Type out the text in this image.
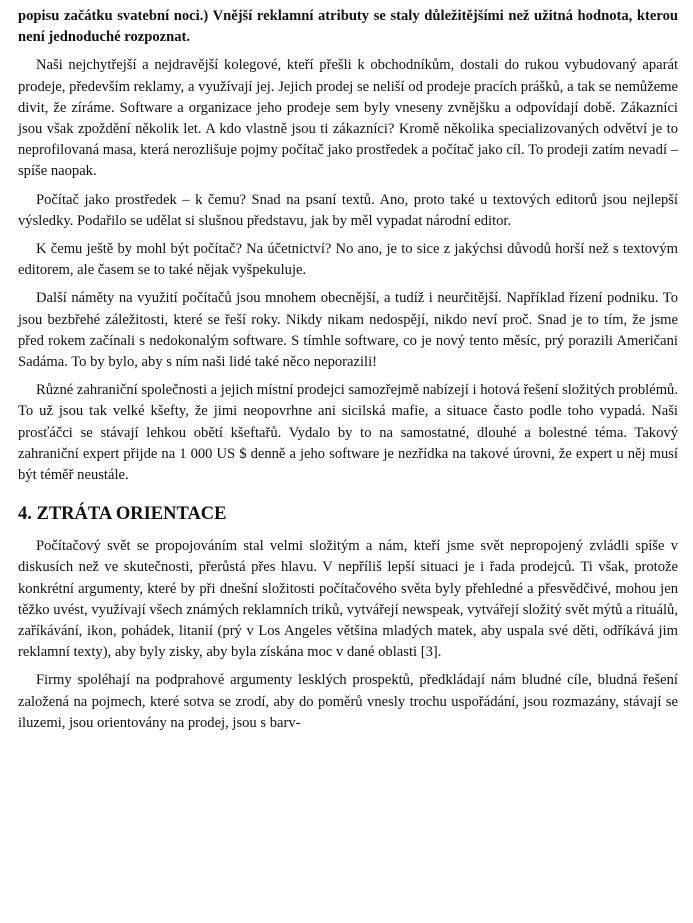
popisu začátku svatební noci.) Vnější reklamní atributy se staly důležitějšími než užitná hodnota, kterou není jednoduché rozpoznat.

Naši nejchytřejší a nejdravější kolegové, kteří přešli k obchodníkům, dostali do rukou vybudovaný aparát prodeje, především reklamy, a využívají jej. Jejich prodej se neliší od prodeje pracích prášků, a tak se nemůžeme divit, že zíráme. Software a organizace jeho prodeje sem byly vneseny zvnějšku a odpovídají době. Zákazníci jsou však zpoždění několik let. A kdo vlastně jsou ti zákazníci? Kromě několika specializovaných odvětví je to neprofilovaná masa, která nerozlišuje pojmy počítač jako prostředek a počítač jako cíl. To prodeji zatím nevadí – spíše naopak.

Počítač jako prostředek – k čemu? Snad na psaní textů. Ano, proto také u textových editorů jsou nejlepší výsledky. Podařilo se udělat si slušnou představu, jak by měl vypadat národní editor.

K čemu ještě by mohl být počítač? Na účetnictví? No ano, je to sice z jakýchsi důvodů horší než s textovým editorem, ale časem se to také nějak vyšpekuluje.

Další náměty na využití počítačů jsou mnohem obecnější, a tudíž i neurčitější. Například řízení podniku. To jsou bezbřehé záležitosti, které se řeší roky. Nikdy nikam nedospějí, nikdo neví proč. Snad je to tím, že jsme před rokem začínali s nedokonalým software. S tímhle software, co je nový tento měsíc, prý porazili Američani Sadáma. To by bylo, aby s ním naši lidé také něco neporazili!

Různé zahraniční společnosti a jejich místní prodejci samozřejmě nabízejí i hotová řešení složitých problémů. To už jsou tak velké kšefty, že jimi neopovrhne ani sicilská mafie, a situace často podle toho vypadá. Naši prosťáčci se stávají lehkou obětí kšeftařů. Vydalo by to na samostatné, dlouhé a bolestné téma. Takový zahraniční expert přijde na 1 000 US $ denně a jeho software je nezřídka na takové úrovni, že expert u něj musí být téměř neustále.

4. ZTRÁTA ORIENTACE

Počítačový svět se propojováním stal velmi složitým a nám, kteří jsme svět nepropojený zvládli spíše v diskusích než ve skutečnosti, přerůstá přes hlavu. V nepříliš lepší situaci je i řada prodejců. Ti však, protože konkrétní argumenty, které by při dnešní složitosti počítačového světa byly přehledné a přesvědčivé, mohou jen těžko uvést, využívají všech známých reklamních triků, vytvářejí newspeak, vytvářejí složitý svět mýtů a rituálů, zaříkávání, ikon, pohádek, litanií (prý v Los Angeles většina mladých matek, aby uspala své děti, odříkává jim reklamní texty), aby byly zisky, aby byla získána moc v dané oblasti [3].

Firmy spoléhají na podprahové argumenty lesklých prospektů, předkládají nám bludné cíle, bludná řešení založená na pojmech, které sotva se zrodí, aby do poměrů vnesly trochu uspořádání, jsou rozmazány, stávají se iluzemi, jsou orientovány na prodej, jsou s barv-
